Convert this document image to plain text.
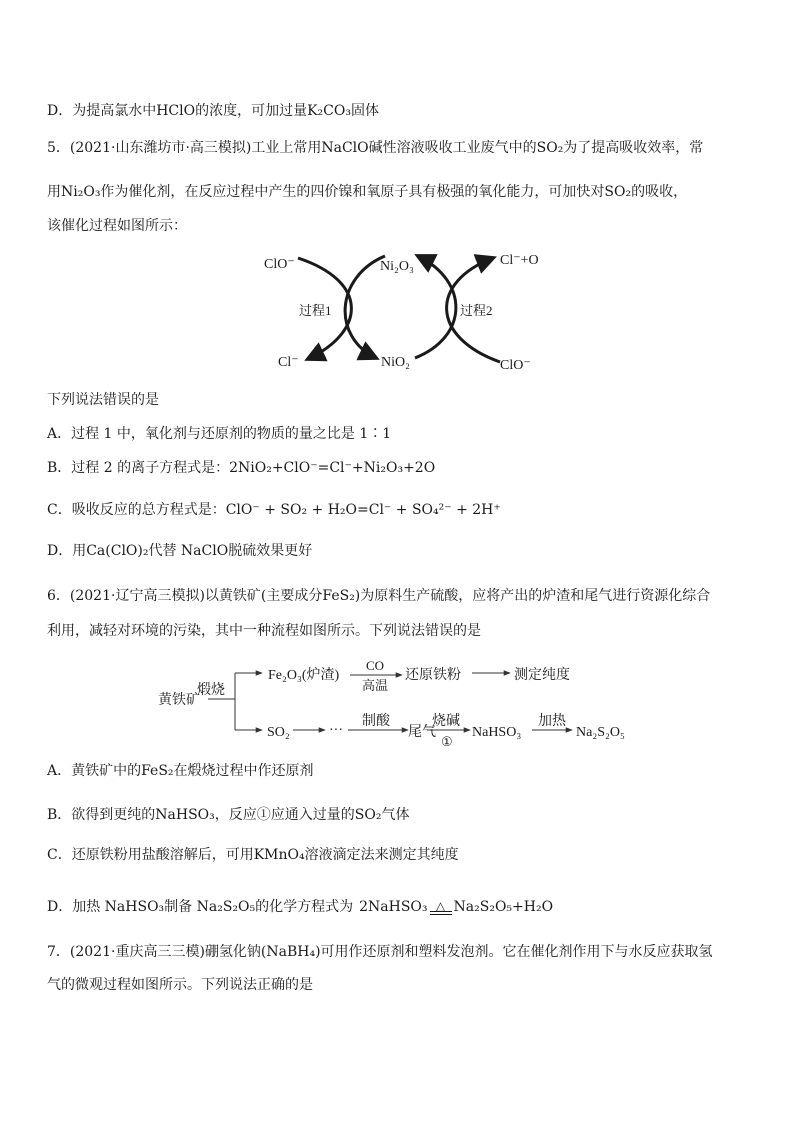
D．为提高氯水中HClO的浓度，可加过量K₂CO₃固体
5．(2021·山东潍坊市·高三模拟)工业上常用NaClO碱性溶液吸收工业废气中的SO₂为了提高吸收效率，常
用Ni₂O₃作为催化剂，在反应过程中产生的四价镍和氧原子具有极强的氧化能力，可加快对SO₂的吸收，
该催化过程如图所示：
ClO⁻
Cl⁻
过程1
Ni₂O₃
NiO₂
过程2
Cl⁻+O
ClO⁻
下列说法错误的是
A．过程 1 中，氧化剂与还原剂的物质的量之比是 1∶1
B．过程 2 的离子方程式是：2NiO₂+ClO⁻=Cl⁻+Ni₂O₃+2O
C．吸收反应的总方程式是：ClO⁻ + SO₂ + H₂O=Cl⁻ + SO₄²⁻ + 2H⁺
D．用Ca(ClO)₂代替 NaClO脱硫效果更好
6．(2021·辽宁高三模拟)以黄铁矿(主要成分FeS₂)为原料生产硫酸，应将产出的炉渣和尾气进行资源化综合
利用，减轻对环境的污染，其中一种流程如图所示。下列说法错误的是
黄铁矿
煅烧
Fe₂O₃(炉渣)
CO
高温
还原铁粉	测定纯度
SO₂	···
制酸
尾气
烧碱
①
NaHSO₃
加热
Na₂S₂O₅
A．黄铁矿中的FeS₂在煅烧过程中作还原剂
B．欲得到更纯的NaHSO₃，反应①应通入过量的SO₂气体
C．还原铁粉用盐酸溶解后，可用KMnO₄溶液滴定法来测定其纯度
D．加热 NaHSO₃制备 Na₂S₂O₅的化学方程式为 2NaHSO₃ △ Na₂S₂O₅+H₂O
7．(2021·重庆高三三模)硼氢化钠(NaBH₄)可用作还原剂和塑料发泡剂。它在催化剂作用下与水反应获取氢
气的微观过程如图所示。下列说法正确的是
